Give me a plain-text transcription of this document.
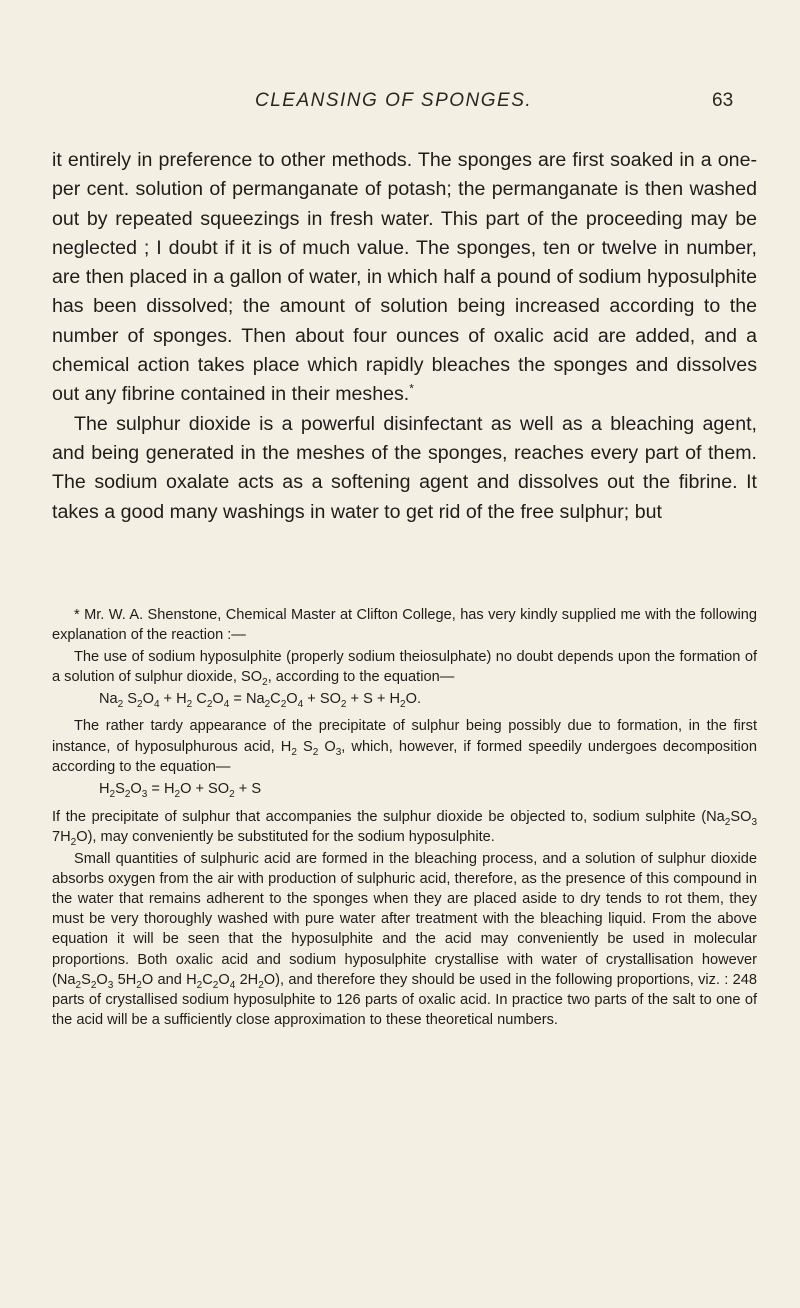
CLEANSING OF SPONGES.	63

it entirely in preference to other methods. The sponges are first soaked in a one-per cent. solution of permanganate of potash; the permanganate is then washed out by repeated squeezings in fresh water. This part of the proceeding may be neglected ; I doubt if it is of much value. The sponges, ten or twelve in number, are then placed in a gallon of water, in which half a pound of sodium hyposulphite has been dissolved; the amount of solution being increased according to the number of sponges. Then about four ounces of oxalic acid are added, and a chemical action takes place which rapidly bleaches the sponges and dissolves out any fibrine contained in their meshes.*

The sulphur dioxide is a powerful disinfectant as well as a bleaching agent, and being generated in the meshes of the sponges, reaches every part of them. The sodium oxalate acts as a softening agent and dissolves out the fibrine. It takes a good many washings in water to get rid of the free sulphur; but

* Mr. W. A. Shenstone, Chemical Master at Clifton College, has very kindly supplied me with the following explanation of the reaction :—

The use of sodium hyposulphite (properly sodium theiosulphate) no doubt depends upon the formation of a solution of sulphur dioxide, $SO_2$, according to the equation—

$Na_2$ $S_2O_4 + H_2$ $C_2O_4 = Na_2C_2O_4 + SO_2 + S + H_2O$.

The rather tardy appearance of the precipitate of sulphur being possibly due to formation, in the first instance, of hyposulphurous acid, $H_2$ $S_2$ $O_3$, which, however, if formed speedily undergoes decomposition according to the equation—

$H_2S_2O_3 = H_2O + SO_2 + S$

If the precipitate of sulphur that accompanies the sulphur dioxide be objected to, sodium sulphite ($Na_2SO_3$ $7H_2O$), may conveniently be substituted for the sodium hyposulphite.

Small quantities of sulphuric acid are formed in the bleaching process, and a solution of sulphur dioxide absorbs oxygen from the air with production of sulphuric acid, therefore, as the presence of this compound in the water that remains adherent to the sponges when they are placed aside to dry tends to rot them, they must be very thoroughly washed with pure water after treatment with the bleaching liquid. From the above equation it will be seen that the hyposulphite and the acid may conveniently be used in molecular proportions. Both oxalic acid and sodium hyposulphite crystallise with water of crystallisation however ($Na_2S_2O_3$ $5H_2O$ and $H_2C_2O_4$ $2H_2O$), and therefore they should be used in the following proportions, viz. : 248 parts of crystallised sodium hyposulphite to 126 parts of oxalic acid. In practice two parts of the salt to one of the acid will be a sufficiently close approximation to these theoretical numbers.
